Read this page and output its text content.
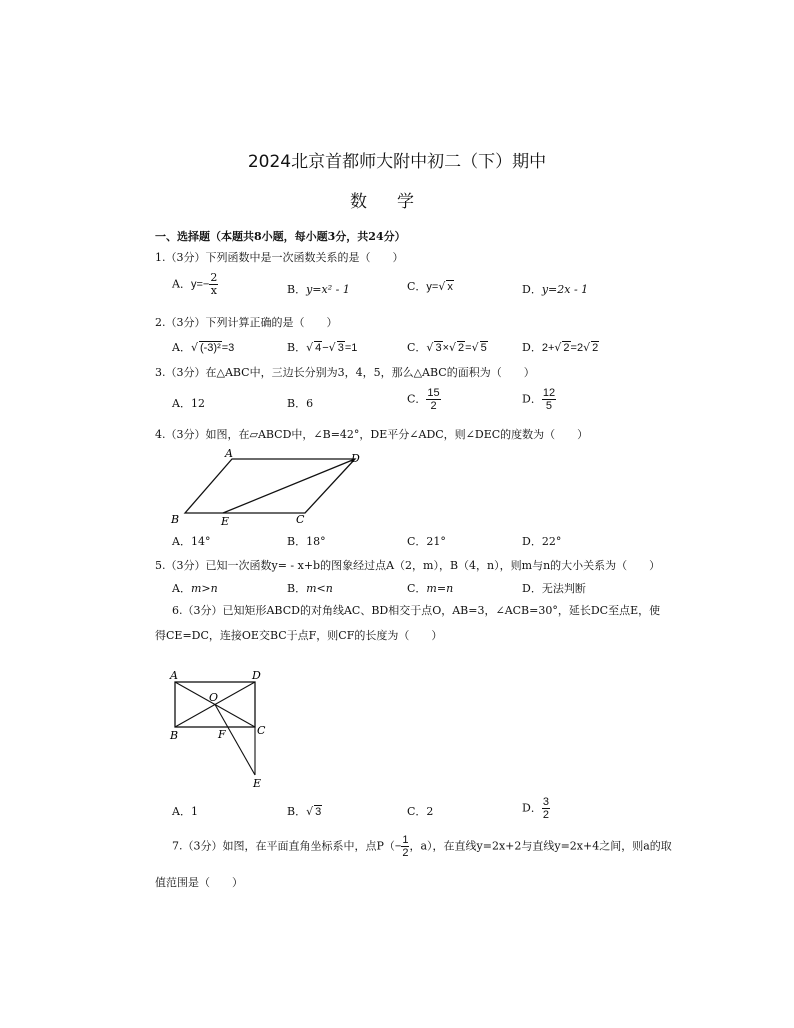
2024北京首都师大附中初二（下）期中
数学
一、选择题（本题共8小题，每小题3分，共24分）
1.（3分）下列函数中是一次函数关系的是（　　）
A．$y=- \frac{2}{x}$	B．y=x² - 1	C．y=√ x	D．y=2x - 1
2.（3分）下列计算正确的是（　　）
A．√ (-3)²=3	B．√ 4−√ 3=1	C．√ 3×√ 2=√ 5	D．2+√ 2=2√ 2
3.（3分）在△ABC中，三边长分别为3，4，5，那么△ABC的面积为（　　）
A．12	B．6	C． $\frac{15}{2}$	D． $\frac{12}{5}$
4.（3分）如图，在▱ABCD中，∠B=42°，DE平分∠ADC，则∠DEC的度数为（　　）
A	D
B	E	C
A．14°	B．18°	C．21°	D．22°
5.（3分）已知一次函数y= - x+b的图象经过点A（2，m），B（4，n），则m与n的大小关系为（　　）
A．m>n	B．m<n	C．m=n	D．无法判断
6.（3分）已知矩形ABCD的对角线AC、BD相交于点O，AB=3，∠ACB=30°，延长DC至点E，使
得CE=DC，连接OE交BC于点F，则CF的长度为（　　）
A	D
O
B	F	C
E
A．1	B．√ 3	C．2	D． $\frac{3}{2}$
7.（3分）如图，在平面直角坐标系中，点$P(- \frac{1}{2}$ ，a），在直线y=2x+2与直线y=2x+4之间，则a的取
值范围是（　　）
